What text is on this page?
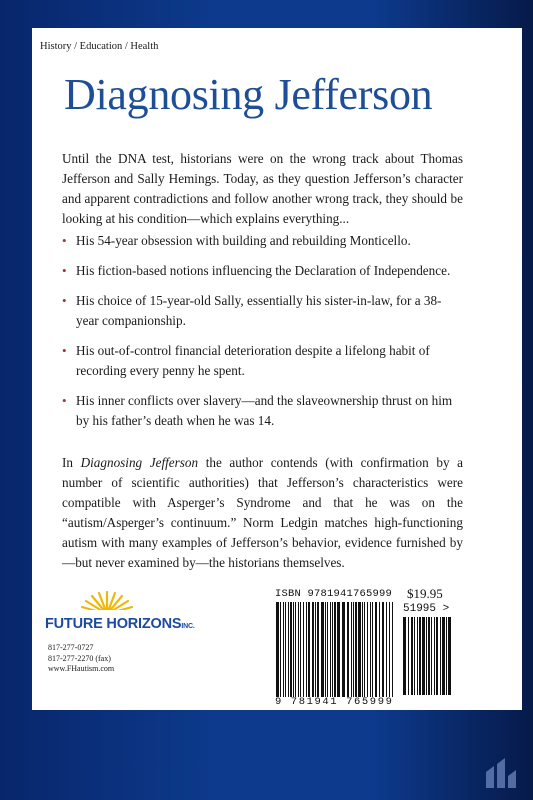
History / Education / Health
Diagnosing Jefferson

Until the DNA test, historians were on the wrong track about Thomas Jefferson and Sally Hemings. Today, as they question Jefferson’s character and apparent contradictions and follow another wrong track, they should be looking at his condition—which explains everything...

• His 54-year obsession with building and rebuilding Monticello.
• His fiction-based notions influencing the Declaration of Independence.
• His choice of 15-year-old Sally, essentially his sister-in-law, for a 38-year companionship.
• His out-of-control financial deterioration despite a lifelong habit of recording every penny he spent.
• His inner conflicts over slavery—and the slaveownership thrust on him by his father’s death when he was 14.

In Diagnosing Jefferson the author contends (with confirmation by a number of scientific authorities) that Jefferson’s characteristics were compatible with Asperger’s Syndrome and that he was on the “autism/Asperger’s continuum.” Norm Ledgin matches high-functioning autism with many examples of Jefferson’s behavior, evidence furnished by—but never examined by—the historians themselves.

FUTURE HORIZONSINC.
817-277-0727
817-277-2270 (fax)
www.FHautism.com
ISBN 9781941765999 $19.95
51995 >
9 781941 765999
